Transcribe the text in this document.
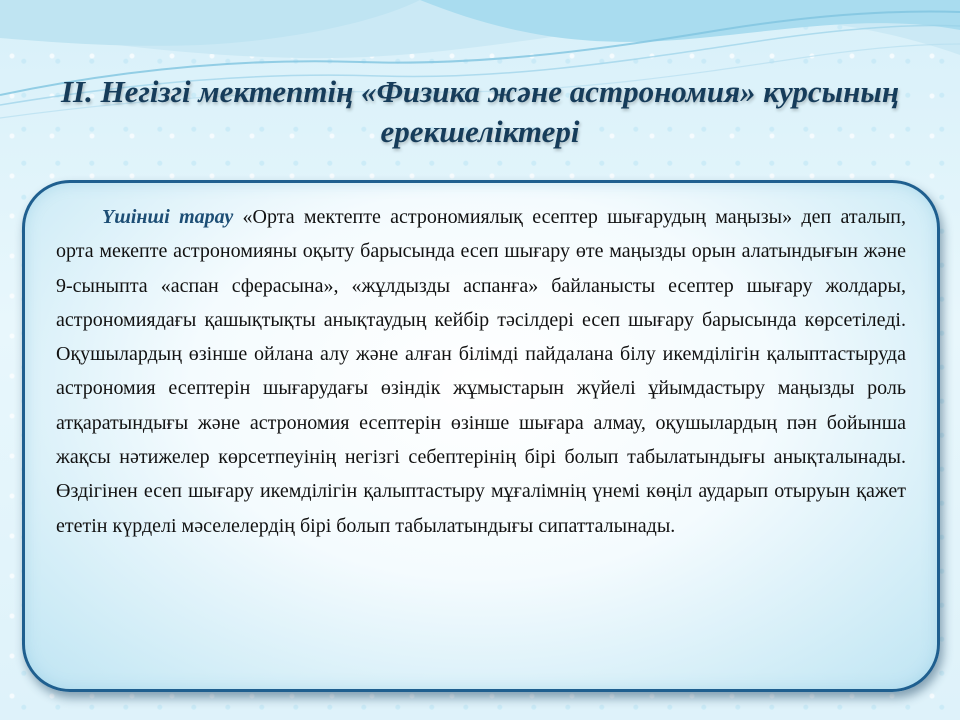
II. Негізгі мектептің «Физика және астрономия» курсының ерекшеліктері

Үшінші тарау «Орта мектепте астрономиялық есептер шығарудың маңызы» деп аталып, орта мекепте астрономияны оқыту барысында есеп шығару өте маңызды орын алатындығын және 9-сыныпта «аспан сферасына», «жұлдызды аспанға» байланысты есептер шығару жолдары, астрономиядағы қашықтықты анықтаудың кейбір тәсілдері есеп шығару барысында көрсетіледі. Оқушылардың өзінше ойлана алу және алған білімді пайдалана білу икемділігін қалыптастыруда астрономия есептерін шығарудағы өзіндік жұмыстарын жүйелі ұйымдастыру маңызды роль атқаратындығы және астрономия есептерін өзінше шығара алмау, оқушылардың пән бойынша жақсы нәтижелер көрсетпеуінің негізгі себептерінің бірі болып табылатындығы анықталынады. Өздігінен есеп шығару икемділігін қалыптастыру мұғалімнің үнемі көңіл аударып отыруын қажет ететін күрделі мәселелердің бірі болып табылатындығы сипатталынады.
